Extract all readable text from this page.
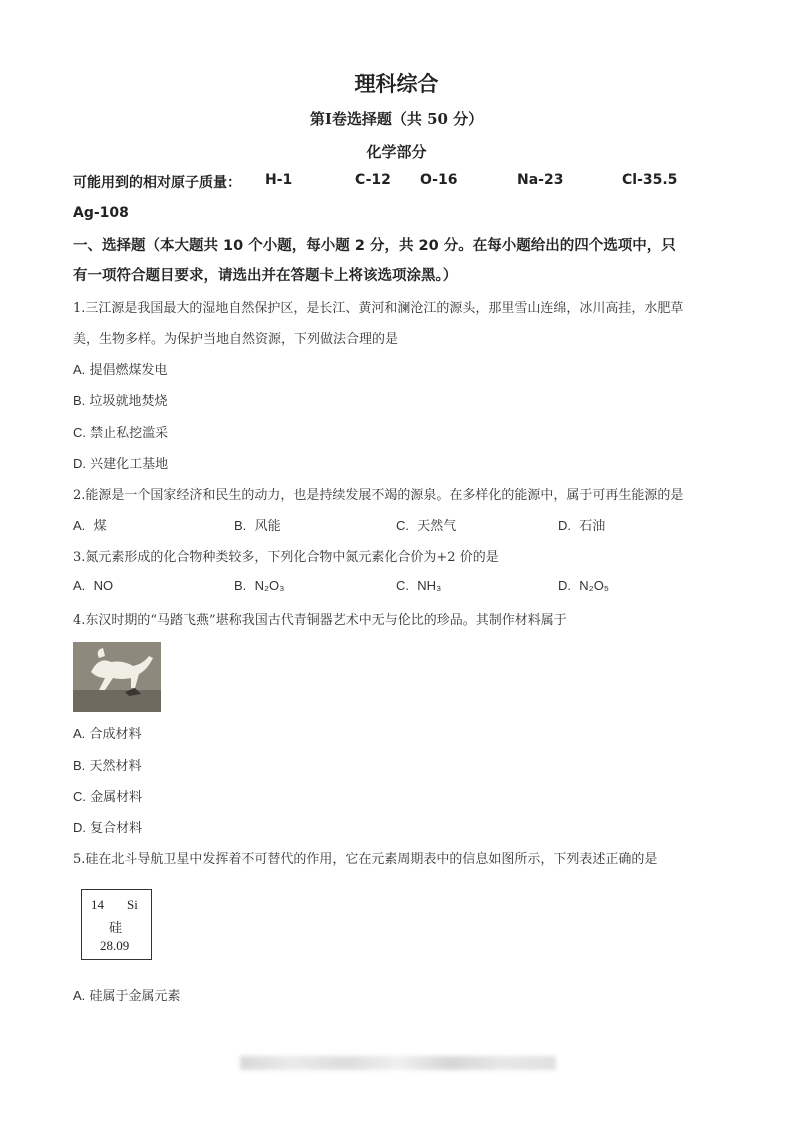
理科综合
第Ⅰ卷选择题（共 50 分）
化学部分
可能用到的相对原子质量： H-1	C-12 O-16	Na-23	Cl-35.5
Ag-108
一、选择题（本大题共 10 个小题，每小题 2 分，共 20 分。在每小题给出的四个选项中，只
有一项符合题目要求，请选出并在答题卡上将该选项涂黑。）
1.三江源是我国最大的湿地自然保护区，是长江、黄河和澜沧江的源头，那里雪山连绵，冰川高挂，水肥草
美，生物多样。为保护当地自然资源，下列做法合理的是
A. 提倡燃煤发电
B. 垃圾就地焚烧
C. 禁止私挖滥采
D. 兴建化工基地
2.能源是一个国家经济和民生的动力，也是持续发展不竭的源泉。在多样化的能源中，属于可再生能源的是
A. 煤	B. 风能	C. 天然气	D. 石油
3.氮元素形成的化合物种类较多，下列化合物中氮元素化合价为+2 价的是
A. NO	B. N₂O₃	C. NH₃	D. N₂O₅
4.东汉时期的“马踏飞燕”堪称我国古代青铜器艺术中无与伦比的珍品。其制作材料属于
A. 合成材料
B. 天然材料
C. 金属材料
D. 复合材料
5.硅在北斗导航卫星中发挥着不可替代的作用，它在元素周期表中的信息如图所示，下列表述正确的是
14 Si
硅
28.09
A. 硅属于金属元素
